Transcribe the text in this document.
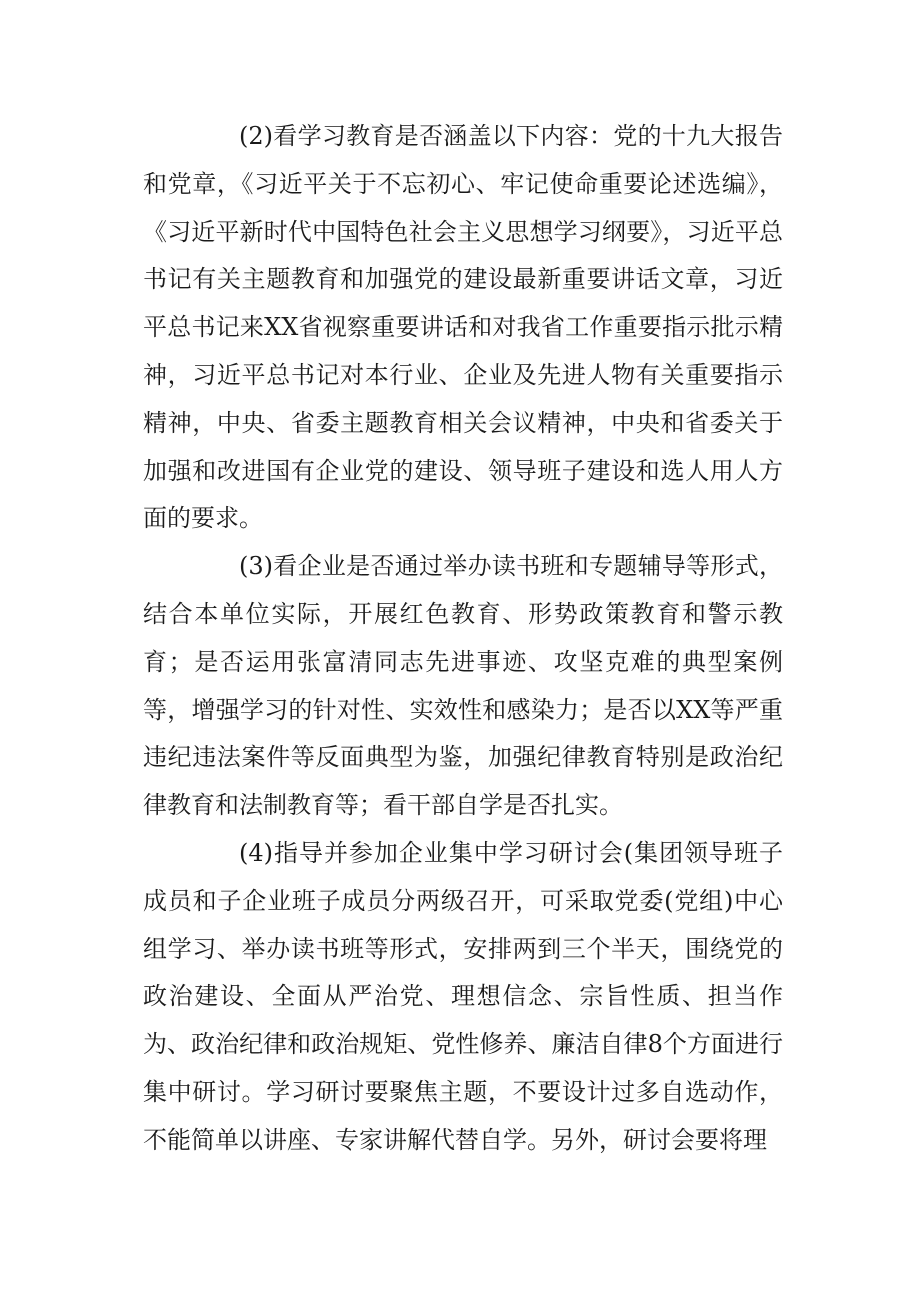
(2)看学习教育是否涵盖以下内容：党的十九大报告和党章，《习近平关于不忘初心、牢记使命重要论述选编》，《习近平新时代中国特色社会主义思想学习纲要》，习近平总书记有关主题教育和加强党的建设最新重要讲话文章，习近平总书记来XX省视察重要讲话和对我省工作重要指示批示精神，习近平总书记对本行业、企业及先进人物有关重要指示精神，中央、省委主题教育相关会议精神，中央和省委关于加强和改进国有企业党的建设、领导班子建设和选人用人方面的要求。

(3)看企业是否通过举办读书班和专题辅导等形式，结合本单位实际，开展红色教育、形势政策教育和警示教育；是否运用张富清同志先进事迹、攻坚克难的典型案例等，增强学习的针对性、实效性和感染力；是否以XX等严重违纪违法案件等反面典型为鉴，加强纪律教育特别是政治纪律教育和法制教育等；看干部自学是否扎实。

(4)指导并参加企业集中学习研讨会(集团领导班子成员和子企业班子成员分两级召开，可采取党委(党组)中心组学习、举办读书班等形式，安排两到三个半天，围绕党的政治建设、全面从严治党、理想信念、宗旨性质、担当作为、政治纪律和政治规矩、党性修养、廉洁自律8个方面进行集中研讨。学习研讨要聚焦主题，不要设计过多自选动作，不能简单以讲座、专家讲解代替自学。另外，研讨会要将理
